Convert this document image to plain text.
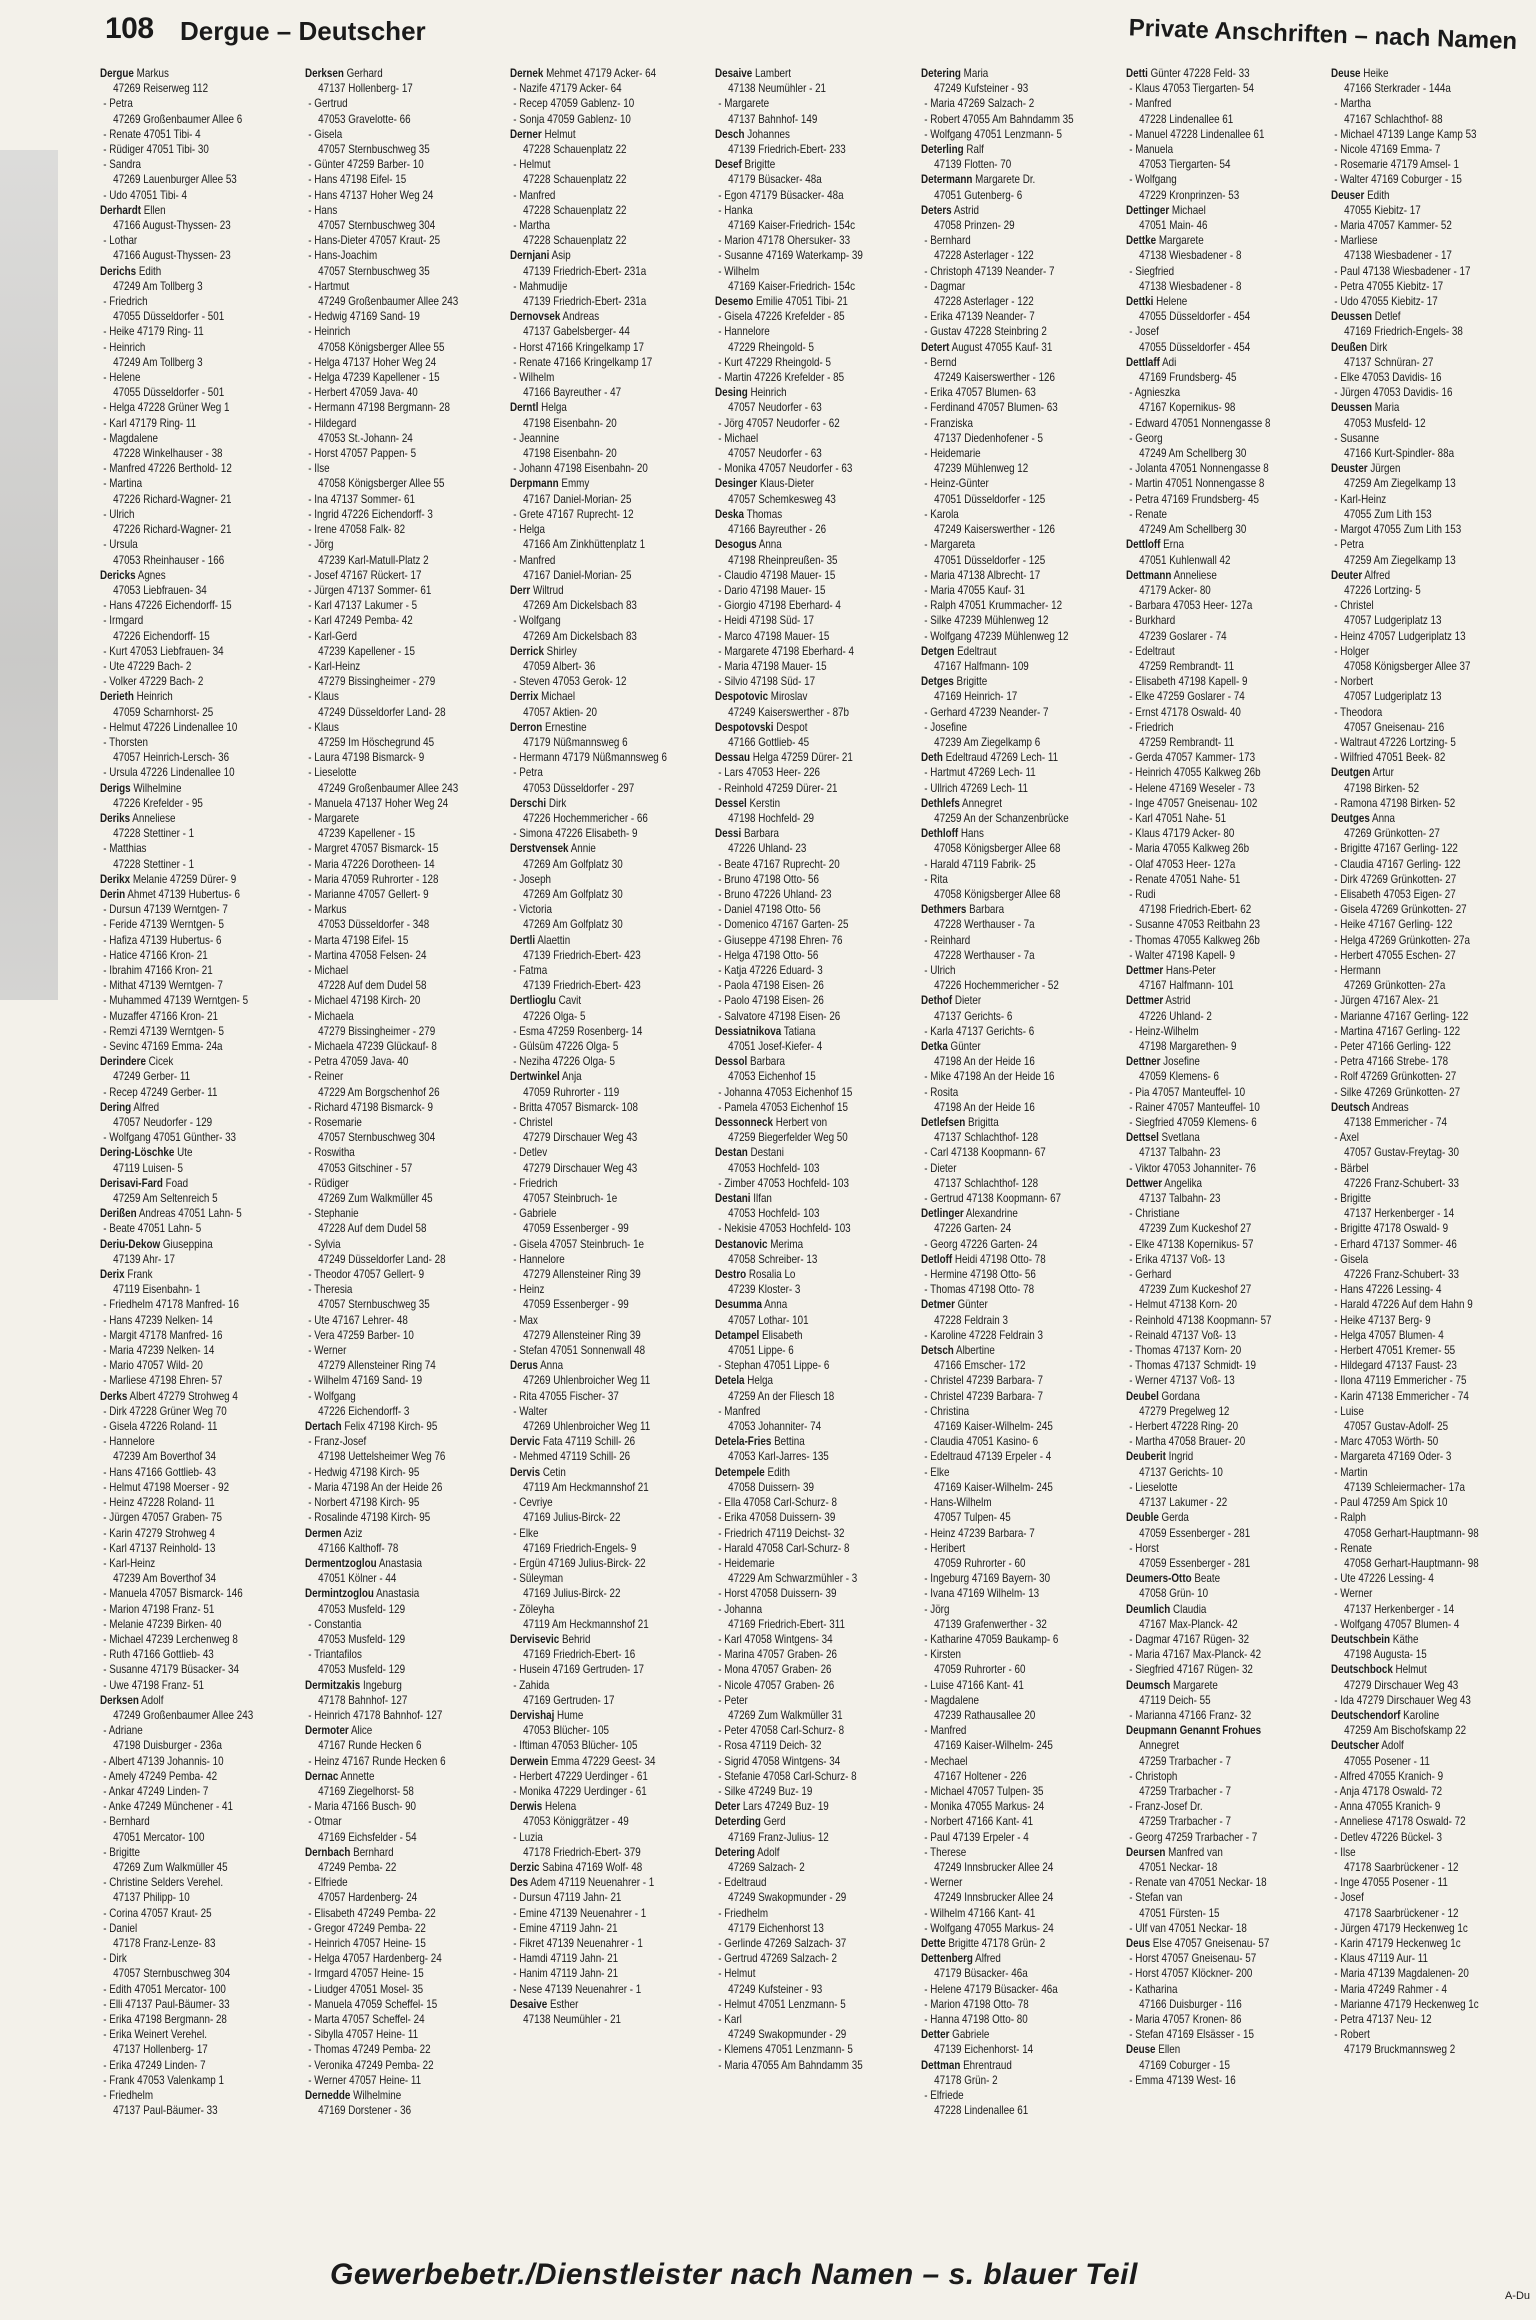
108 Dergue – Deutscher	Private Anschriften – nach Namen
Dergue Markus
47269 Reiserweg 112
- Petra
47269 Großenbaumer Allee 6
- Renate 47051 Tibi- 4
- Rüdiger 47051 Tibi- 30
- Sandra
47269 Lauenburger Allee 53
- Udo 47051 Tibi- 4
Derhardt Ellen
47166 August-Thyssen- 23
- Lothar
47166 August-Thyssen- 23
Derichs Edith
47249 Am Tollberg 3
- Friedrich
47055 Düsseldorfer - 501
- Heike 47179 Ring- 11
- Heinrich
47249 Am Tollberg 3
- Helene
47055 Düsseldorfer - 501
- Helga 47228 Grüner Weg 1
- Karl 47179 Ring- 11
- Magdalene
47228 Winkelhauser - 38
- Manfred 47226 Berthold- 12
- Martina
47226 Richard-Wagner- 21
- Ulrich
47226 Richard-Wagner- 21
- Ursula
47053 Rheinhauser - 166
Dericks Agnes
47053 Liebfrauen- 34
- Hans 47226 Eichendorff- 15
- Irmgard
47226 Eichendorff- 15
- Kurt 47053 Liebfrauen- 34
- Ute 47229 Bach- 2
- Volker 47229 Bach- 2
Derieth Heinrich
47059 Scharnhorst- 25
- Helmut 47226 Lindenallee 10
- Thorsten
47057 Heinrich-Lersch- 36
- Ursula 47226 Lindenallee 10
Derigs Wilhelmine
47226 Krefelder - 95
Deriks Anneliese
47228 Stettiner - 1
- Matthias
47228 Stettiner - 1
Derikx Melanie 47259 Dürer- 9
Derin Ahmet 47139 Hubertus- 6
- Dursun 47139 Werntgen- 7
- Feride 47139 Werntgen- 5
- Hafiza 47139 Hubertus- 6
- Hatice 47166 Kron- 21
- Ibrahim 47166 Kron- 21
- Mithat 47139 Werntgen- 7
- Muhammed 47139 Werntgen- 5
- Muzaffer 47166 Kron- 21
- Remzi 47139 Werntgen- 5
- Sevinc 47169 Emma- 24a
Derindere Cicek
47249 Gerber- 11
- Recep 47249 Gerber- 11
Dering Alfred
47057 Neudorfer - 129
- Wolfgang 47051 Günther- 33
Dering-Löschke Ute
47119 Luisen- 5
Derisavi-Fard Foad
47259 Am Seltenreich 5
Derißen Andreas 47051 Lahn- 5
- Beate 47051 Lahn- 5
Deriu-Dekow Giuseppina
47139 Ahr- 17
Derix Frank
47119 Eisenbahn- 1
- Friedhelm 47178 Manfred- 16
- Hans 47239 Nelken- 14
- Margit 47178 Manfred- 16
- Maria 47239 Nelken- 14
- Mario 47057 Wild- 20
- Marliese 47198 Ehren- 57
Derks Albert 47279 Strohweg 4
- Dirk 47228 Grüner Weg 70
- Gisela 47226 Roland- 11
- Hannelore
47239 Am Boverthof 34
- Hans 47166 Gottlieb- 43
- Helmut 47198 Moerser - 92
- Heinz 47228 Roland- 11
- Jürgen 47057 Graben- 75
- Karin 47279 Strohweg 4
- Karl 47137 Reinhold- 13
- Karl-Heinz
47239 Am Boverthof 34
- Manuela 47057 Bismarck- 146
- Marion 47198 Franz- 51
- Melanie 47239 Birken- 40
- Michael 47239 Lerchenweg 8
- Ruth 47166 Gottlieb- 43
- Susanne 47179 Büsacker- 34
- Uwe 47198 Franz- 51
Derksen Adolf
47249 Großenbaumer Allee 243
- Adriane
47198 Duisburger - 236a
- Albert 47139 Johannis- 10
- Amely 47249 Pemba- 42
- Ankar 47249 Linden- 7
- Anke 47249 Münchener - 41
- Bernhard
47051 Mercator- 100
- Brigitte
47269 Zum Walkmüller 45
- Christine Selders Verehel.
47137 Philipp- 10
- Corina 47057 Kraut- 25
- Daniel
47178 Franz-Lenze- 83
- Dirk
47057 Sternbuschweg 304
- Edith 47051 Mercator- 100
- Elli 47137 Paul-Bäumer- 33
- Erika 47198 Bergmann- 28
- Erika Weinert Verehel.
47137 Hollenberg- 17
- Erika 47249 Linden- 7
- Frank 47053 Valenkamp 1
- Friedhelm
47137 Paul-Bäumer- 33
Derksen Gerhard
47137 Hollenberg- 17
- Gertrud
47053 Gravelotte- 66
- Gisela
47057 Sternbuschweg 35
- Günter 47259 Barber- 10
- Hans 47198 Eifel- 15
- Hans 47137 Hoher Weg 24
- Hans
47057 Sternbuschweg 304
- Hans-Dieter 47057 Kraut- 25
- Hans-Joachim
47057 Sternbuschweg 35
- Hartmut
47249 Großenbaumer Allee 243
- Hedwig 47169 Sand- 19
- Heinrich
47058 Königsberger Allee 55
- Helga 47137 Hoher Weg 24
- Helga 47239 Kapellener - 15
- Herbert 47059 Java- 40
- Hermann 47198 Bergmann- 28
- Hildegard
47053 St.-Johann- 24
- Horst 47057 Pappen- 5
- Ilse
47058 Königsberger Allee 55
- Ina 47137 Sommer- 61
- Ingrid 47226 Eichendorff- 3
- Irene 47058 Falk- 82
- Jörg
47239 Karl-Matull-Platz 2
- Josef 47167 Rückert- 17
- Jürgen 47137 Sommer- 61
- Karl 47137 Lakumer - 5
- Karl 47249 Pemba- 42
- Karl-Gerd
47239 Kapellener - 15
- Karl-Heinz
47279 Bissingheimer - 279
- Klaus
47249 Düsseldorfer Land- 28
- Klaus
47259 Im Höschegrund 45
- Laura 47198 Bismarck- 9
- Lieselotte
47249 Großenbaumer Allee 243
- Manuela 47137 Hoher Weg 24
- Margarete
47239 Kapellener - 15
- Margret 47057 Bismarck- 15
- Maria 47226 Dorotheen- 14
- Maria 47059 Ruhrorter - 128
- Marianne 47057 Gellert- 9
- Markus
47053 Düsseldorfer - 348
- Marta 47198 Eifel- 15
- Martina 47058 Felsen- 24
- Michael
47228 Auf dem Dudel 58
- Michael 47198 Kirch- 20
- Michaela
47279 Bissingheimer - 279
- Michaela 47239 Glückauf- 8
- Petra 47059 Java- 40
- Reiner
47229 Am Borgschenhof 26
- Richard 47198 Bismarck- 9
- Rosemarie
47057 Sternbuschweg 304
- Roswitha
47053 Gitschiner - 57
- Rüdiger
47269 Zum Walkmüller 45
- Stephanie
47228 Auf dem Dudel 58
- Sylvia
47249 Düsseldorfer Land- 28
- Theodor 47057 Gellert- 9
- Theresia
47057 Sternbuschweg 35
- Ute 47167 Lehrer- 48
- Vera 47259 Barber- 10
- Werner
47279 Allensteiner Ring 74
- Wilhelm 47169 Sand- 19
- Wolfgang
47226 Eichendorff- 3
Dertach Felix 47198 Kirch- 95
- Franz-Josef
47198 Uettelsheimer Weg 76
- Hedwig 47198 Kirch- 95
- Maria 47198 An der Heide 26
- Norbert 47198 Kirch- 95
- Rosalinde 47198 Kirch- 95
Dermen Aziz
47166 Kalthoff- 78
Dermentzoglou Anastasia
47051 Kölner - 44
Dermintzoglou Anastasia
47053 Musfeld- 129
- Constantia
47053 Musfeld- 129
- Triantafilos
47053 Musfeld- 129
Dermitzakis Ingeburg
47178 Bahnhof- 127
- Heinrich 47178 Bahnhof- 127
Dermoter Alice
47167 Runde Hecken 6
- Heinz 47167 Runde Hecken 6
Dernac Annette
47169 Ziegelhorst- 58
- Maria 47166 Busch- 90
- Otmar
47169 Eichsfelder - 54
Dernbach Bernhard
47249 Pemba- 22
- Elfriede
47057 Hardenberg- 24
- Elisabeth 47249 Pemba- 22
- Gregor 47249 Pemba- 22
- Heinrich 47057 Heine- 15
- Helga 47057 Hardenberg- 24
- Irmgard 47057 Heine- 15
- Liudger 47051 Mosel- 35
- Manuela 47059 Scheffel- 15
- Marta 47057 Scheffel- 24
- Sibylla 47057 Heine- 11
- Thomas 47249 Pemba- 22
- Veronika 47249 Pemba- 22
- Werner 47057 Heine- 11
Dernedde Wilhelmine
47169 Dorstener - 36
Dernek Mehmet 47179 Acker- 64
- Nazife 47179 Acker- 64
- Recep 47059 Gablenz- 10
- Sonja 47059 Gablenz- 10
Derner Helmut
47228 Schauenplatz 22
- Helmut
47228 Schauenplatz 22
- Manfred
47228 Schauenplatz 22
- Martha
47228 Schauenplatz 22
Dernjani Asip
47139 Friedrich-Ebert- 231a
- Mahmudije
47139 Friedrich-Ebert- 231a
Dernovsek Andreas
47137 Gabelsberger- 44
- Horst 47166 Kringelkamp 17
- Renate 47166 Kringelkamp 17
- Wilhelm
47166 Bayreuther - 47
Derntl Helga
47198 Eisenbahn- 20
- Jeannine
47198 Eisenbahn- 20
- Johann 47198 Eisenbahn- 20
Derpmann Emmy
47167 Daniel-Morian- 25
- Grete 47167 Ruprecht- 12
- Helga
47166 Am Zinkhüttenplatz 1
- Manfred
47167 Daniel-Morian- 25
Derr Wiltrud
47269 Am Dickelsbach 83
- Wolfgang
47269 Am Dickelsbach 83
Derrick Shirley
47059 Albert- 36
- Steven 47053 Gerok- 12
Derrix Michael
47057 Aktien- 20
Derron Ernestine
47179 Nüßmannsweg 6
- Hermann 47179 Nüßmannsweg 6
- Petra
47053 Düsseldorfer - 297
Derschi Dirk
47226 Hochemmericher - 66
- Simona 47226 Elisabeth- 9
Derstvensek Annie
47269 Am Golfplatz 30
- Joseph
47269 Am Golfplatz 30
- Victoria
47269 Am Golfplatz 30
Dertli Alaettin
47139 Friedrich-Ebert- 423
- Fatma
47139 Friedrich-Ebert- 423
Dertlioglu Cavit
47226 Olga- 5
- Esma 47259 Rosenberg- 14
- Gülsüm 47226 Olga- 5
- Neziha 47226 Olga- 5
Dertwinkel Anja
47059 Ruhrorter - 119
- Britta 47057 Bismarck- 108
- Christel
47279 Dirschauer Weg 43
- Detlev
47279 Dirschauer Weg 43
- Friedrich
47057 Steinbruch- 1e
- Gabriele
47059 Essenberger - 99
- Gisela 47057 Steinbruch- 1e
- Hannelore
47279 Allensteiner Ring 39
- Heinz
47059 Essenberger - 99
- Max
47279 Allensteiner Ring 39
- Stefan 47051 Sonnenwall 48
Derus Anna
47269 Uhlenbroicher Weg 11
- Rita 47055 Fischer- 37
- Walter
47269 Uhlenbroicher Weg 11
Dervic Fata 47119 Schill- 26
- Mehmed 47119 Schill- 26
Dervis Cetin
47119 Am Heckmannshof 21
- Cevriye
47169 Julius-Birck- 22
- Elke
47169 Friedrich-Engels- 9
- Ergün 47169 Julius-Birck- 22
- Süleyman
47169 Julius-Birck- 22
- Zöleyha
47119 Am Heckmannshof 21
Dervisevic Behrid
47169 Friedrich-Ebert- 16
- Husein 47169 Gertruden- 17
- Zahida
47169 Gertruden- 17
Dervishaj Hume
47053 Blücher- 105
- Iftiman 47053 Blücher- 105
Derwein Emma 47229 Geest- 34
- Herbert 47229 Uerdinger - 61
- Monika 47229 Uerdinger - 61
Derwis Helena
47053 Königgrätzer - 49
- Luzia
47178 Friedrich-Ebert- 379
Derzic Sabina 47169 Wolf- 48
Des Adem 47119 Neuenahrer - 1
- Dursun 47119 Jahn- 21
- Emine 47139 Neuenahrer - 1
- Emine 47119 Jahn- 21
- Fikret 47139 Neuenahrer - 1
- Hamdi 47119 Jahn- 21
- Hanim 47119 Jahn- 21
- Nese 47139 Neuenahrer - 1
Desaive Esther
47138 Neumühler - 21
Desaive Lambert
47138 Neumühler - 21
- Margarete
47137 Bahnhof- 149
Desch Johannes
47139 Friedrich-Ebert- 233
Desef Brigitte
47179 Büsacker- 48a
- Egon 47179 Büsacker- 48a
- Hanka
47169 Kaiser-Friedrich- 154c
- Marion 47178 Ohersuker- 33
- Susanne 47169 Waterkamp- 39
- Wilhelm
47169 Kaiser-Friedrich- 154c
Desemo Emilie 47051 Tibi- 21
- Gisela 47226 Krefelder - 85
- Hannelore
47229 Rheingold- 5
- Kurt 47229 Rheingold- 5
- Martin 47226 Krefelder - 85
Desing Heinrich
47057 Neudorfer - 63
- Jörg 47057 Neudorfer - 62
- Michael
47057 Neudorfer - 63
- Monika 47057 Neudorfer - 63
Desinger Klaus-Dieter
47057 Schemkesweg 43
Deska Thomas
47166 Bayreuther - 26
Desogus Anna
47198 Rheinpreußen- 35
- Claudio 47198 Mauer- 15
- Dario 47198 Mauer- 15
- Giorgio 47198 Eberhard- 4
- Heidi 47198 Süd- 17
- Marco 47198 Mauer- 15
- Margarete 47198 Eberhard- 4
- Maria 47198 Mauer- 15
- Silvio 47198 Süd- 17
Despotovic Miroslav
47249 Kaiserswerther - 87b
Despotovski Despot
47166 Gottlieb- 45
Dessau Helga 47259 Dürer- 21
- Lars 47053 Heer- 226
- Reinhold 47259 Dürer- 21
Dessel Kerstin
47198 Hochfeld- 29
Dessi Barbara
47226 Uhland- 23
- Beate 47167 Ruprecht- 20
- Bruno 47198 Otto- 56
- Bruno 47226 Uhland- 23
- Daniel 47198 Otto- 56
- Domenico 47167 Garten- 25
- Giuseppe 47198 Ehren- 76
- Helga 47198 Otto- 56
- Katja 47226 Eduard- 3
- Paola 47198 Eisen- 26
- Paolo 47198 Eisen- 26
- Salvatore 47198 Eisen- 26
Dessiatnikova Tatiana
47051 Josef-Kiefer- 4
Dessol Barbara
47053 Eichenhof 15
- Johanna 47053 Eichenhof 15
- Pamela 47053 Eichenhof 15
Dessonneck Herbert von
47259 Biegerfelder Weg 50
Destan Destani
47053 Hochfeld- 103
- Zimber 47053 Hochfeld- 103
Destani Ilfan
47053 Hochfeld- 103
- Nekisie 47053 Hochfeld- 103
Destanovic Merima
47058 Schreiber- 13
Destro Rosalia Lo
47239 Kloster- 3
Desumma Anna
47057 Lothar- 101
Detampel Elisabeth
47051 Lippe- 6
- Stephan 47051 Lippe- 6
Detela Helga
47259 An der Fliesch 18
- Manfred
47053 Johanniter- 74
Detela-Fries Bettina
47053 Karl-Jarres- 135
Detempele Edith
47058 Duissern- 39
- Ella 47058 Carl-Schurz- 8
- Erika 47058 Duissern- 39
- Friedrich 47119 Deichst- 32
- Harald 47058 Carl-Schurz- 8
- Heidemarie
47229 Am Schwarzmühler - 3
- Horst 47058 Duissern- 39
- Johanna
47169 Friedrich-Ebert- 311
- Karl 47058 Wintgens- 34
- Marina 47057 Graben- 26
- Mona 47057 Graben- 26
- Nicole 47057 Graben- 26
- Peter
47269 Zum Walkmüller 31
- Peter 47058 Carl-Schurz- 8
- Rosa 47119 Deich- 32
- Sigrid 47058 Wintgens- 34
- Stefanie 47058 Carl-Schurz- 8
- Silke 47249 Buz- 19
Deter Lars 47249 Buz- 19
Deterding Gerd
47169 Franz-Julius- 12
Detering Adolf
47269 Salzach- 2
- Edeltraud
47249 Swakopmunder - 29
- Friedhelm
47179 Eichenhorst 13
- Gerlinde 47269 Salzach- 37
- Gertrud 47269 Salzach- 2
- Helmut
47249 Kufsteiner - 93
- Helmut 47051 Lenzmann- 5
- Karl
47249 Swakopmunder - 29
- Klemens 47051 Lenzmann- 5
- Maria 47055 Am Bahndamm 35
Detering Maria
47249 Kufsteiner - 93
- Maria 47269 Salzach- 2
- Robert 47055 Am Bahndamm 35
- Wolfgang 47051 Lenzmann- 5
Deterling Ralf
47139 Flotten- 70
Determann Margarete Dr.
47051 Gutenberg- 6
Deters Astrid
47058 Prinzen- 29
- Bernhard
47228 Asterlager - 122
- Christoph 47139 Neander- 7
- Dagmar
47228 Asterlager - 122
- Erika 47139 Neander- 7
- Gustav 47228 Steinbring 2
Detert August 47055 Kauf- 31
- Bernd
47249 Kaiserswerther - 126
- Erika 47057 Blumen- 63
- Ferdinand 47057 Blumen- 63
- Franziska
47137 Diedenhofener - 5
- Heidemarie
47239 Mühlenweg 12
- Heinz-Günter
47051 Düsseldorfer - 125
- Karola
47249 Kaiserswerther - 126
- Margareta
47051 Düsseldorfer - 125
- Maria 47138 Albrecht- 17
- Maria 47055 Kauf- 31
- Ralph 47051 Krummacher- 12
- Silke 47239 Mühlenweg 12
- Wolfgang 47239 Mühlenweg 12
Detgen Edeltraut
47167 Halfmann- 109
Detges Brigitte
47169 Heinrich- 17
- Gerhard 47239 Neander- 7
- Josefine
47239 Am Ziegelkamp 6
Deth Edeltraud 47269 Lech- 11
- Hartmut 47269 Lech- 11
- Ullrich 47269 Lech- 11
Dethlefs Annegret
47259 An der Schanzenbrücke
Dethloff Hans
47058 Königsberger Allee 68
- Harald 47119 Fabrik- 25
- Rita
47058 Königsberger Allee 68
Dethmers Barbara
47228 Werthauser - 7a
- Reinhard
47228 Werthauser - 7a
- Ulrich
47226 Hochemmericher - 52
Dethof Dieter
47137 Gerichts- 6
- Karla 47137 Gerichts- 6
Detka Günter
47198 An der Heide 16
- Mike 47198 An der Heide 16
- Rosita
47198 An der Heide 16
Detlefsen Brigitta
47137 Schlachthof- 128
- Carl 47138 Koopmann- 67
- Dieter
47137 Schlachthof- 128
- Gertrud 47138 Koopmann- 67
Detlinger Alexandrine
47226 Garten- 24
- Georg 47226 Garten- 24
Detloff Heidi 47198 Otto- 78
- Hermine 47198 Otto- 56
- Thomas 47198 Otto- 78
Detmer Günter
47228 Feldrain 3
- Karoline 47228 Feldrain 3
Detsch Albertine
47166 Emscher- 172
- Christel 47239 Barbara- 7
- Christel 47239 Barbara- 7
- Christina
47169 Kaiser-Wilhelm- 245
- Claudia 47051 Kasino- 6
- Edeltraud 47139 Erpeler - 4
- Elke
47169 Kaiser-Wilhelm- 245
- Hans-Wilhelm
47057 Tulpen- 45
- Heinz 47239 Barbara- 7
- Heribert
47059 Ruhrorter - 60
- Ingeburg 47169 Bayern- 30
- Ivana 47169 Wilhelm- 13
- Jörg
47139 Grafenwerther - 32
- Katharine 47059 Baukamp- 6
- Kirsten
47059 Ruhrorter - 60
- Luise 47166 Kant- 41
- Magdalene
47239 Rathausallee 20
- Manfred
47169 Kaiser-Wilhelm- 245
- Mechael
47167 Holtener - 226
- Michael 47057 Tulpen- 35
- Monika 47055 Markus- 24
- Norbert 47166 Kant- 41
- Paul 47139 Erpeler - 4
- Therese
47249 Innsbrucker Allee 24
- Werner
47249 Innsbrucker Allee 24
- Wilhelm 47166 Kant- 41
- Wolfgang 47055 Markus- 24
Dette Brigitte 47178 Grün- 2
Dettenberg Alfred
47179 Büsacker- 46a
- Helene 47179 Büsacker- 46a
- Marion 47198 Otto- 78
- Hanna 47198 Otto- 80
Detter Gabriele
47139 Eichenhorst- 14
Dettman Ehrentraud
47178 Grün- 2
- Elfriede
47228 Lindenallee 61
Detti Günter 47228 Feld- 33
- Klaus 47053 Tiergarten- 54
- Manfred
47228 Lindenallee 61
- Manuel 47228 Lindenallee 61
- Manuela
47053 Tiergarten- 54
- Wolfgang
47229 Kronprinzen- 53
Dettinger Michael
47051 Main- 46
Dettke Margarete
47138 Wiesbadener - 8
- Siegfried
47138 Wiesbadener - 8
Dettki Helene
47055 Düsseldorfer - 454
- Josef
47055 Düsseldorfer - 454
Dettlaff Adi
47169 Frundsberg- 45
- Agnieszka
47167 Kopernikus- 98
- Edward 47051 Nonnengasse 8
- Georg
47249 Am Schellberg 30
- Jolanta 47051 Nonnengasse 8
- Martin 47051 Nonnengasse 8
- Petra 47169 Frundsberg- 45
- Renate
47249 Am Schellberg 30
Dettloff Erna
47051 Kuhlenwall 42
Dettmann Anneliese
47179 Acker- 80
- Barbara 47053 Heer- 127a
- Burkhard
47239 Goslarer - 74
- Edeltraut
47259 Rembrandt- 11
- Elisabeth 47198 Kapell- 9
- Elke 47259 Goslarer - 74
- Ernst 47178 Oswald- 40
- Friedrich
47259 Rembrandt- 11
- Gerda 47057 Kammer- 173
- Heinrich 47055 Kalkweg 26b
- Helene 47169 Weseler - 73
- Inge 47057 Gneisenau- 102
- Karl 47051 Nahe- 51
- Klaus 47179 Acker- 80
- Maria 47055 Kalkweg 26b
- Olaf 47053 Heer- 127a
- Renate 47051 Nahe- 51
- Rudi
47198 Friedrich-Ebert- 62
- Susanne 47053 Reitbahn 23
- Thomas 47055 Kalkweg 26b
- Walter 47198 Kapell- 9
Dettmer Hans-Peter
47167 Halfmann- 101
Dettmer Astrid
47226 Uhland- 2
- Heinz-Wilhelm
47198 Margarethen- 9
Dettner Josefine
47059 Klemens- 6
- Pia 47057 Manteuffel- 10
- Rainer 47057 Manteuffel- 10
- Siegfried 47059 Klemens- 6
Dettsel Svetlana
47137 Talbahn- 23
- Viktor 47053 Johanniter- 76
Dettwer Angelika
47137 Talbahn- 23
- Christiane
47239 Zum Kuckeshof 27
- Elke 47138 Kopernikus- 57
- Erika 47137 Voß- 13
- Gerhard
47239 Zum Kuckeshof 27
- Helmut 47138 Korn- 20
- Reinhold 47138 Koopmann- 57
- Reinald 47137 Voß- 13
- Thomas 47137 Korn- 20
- Thomas 47137 Schmidt- 19
- Werner 47137 Voß- 13
Deubel Gordana
47279 Pregelweg 12
- Herbert 47228 Ring- 20
- Martha 47058 Brauer- 20
Deuberit Ingrid
47137 Gerichts- 10
- Lieselotte
47137 Lakumer - 22
Deuble Gerda
47059 Essenberger - 281
- Horst
47059 Essenberger - 281
Deumers-Otto Beate
47058 Grün- 10
Deumlich Claudia
47167 Max-Planck- 42
- Dagmar 47167 Rügen- 32
- Maria 47167 Max-Planck- 42
- Siegfried 47167 Rügen- 32
Deumsch Margarete
47119 Deich- 55
- Marianna 47166 Franz- 32
Deupmann Genannt Frohues
Annegret
47259 Trarbacher - 7
- Christoph
47259 Trarbacher - 7
- Franz-Josef Dr.
47259 Trarbacher - 7
- Georg 47259 Trarbacher - 7
Deursen Manfred van
47051 Neckar- 18
- Renate van 47051 Neckar- 18
- Stefan van
47051 Fürsten- 15
- Ulf van 47051 Neckar- 18
Deus Else 47057 Gneisenau- 57
- Horst 47057 Gneisenau- 57
- Horst 47057 Klöckner- 200
- Katharina
47166 Duisburger - 116
- Maria 47057 Kronen- 86
- Stefan 47169 Elsässer - 15
Deuse Ellen
47169 Coburger - 15
- Emma 47139 West- 16
Deuse Heike
47166 Sterkrader - 144a
- Martha
47167 Schlachthof- 88
- Michael 47139 Lange Kamp 53
- Nicole 47169 Emma- 7
- Rosemarie 47179 Amsel- 1
- Walter 47169 Coburger - 15
Deuser Edith
47055 Kiebitz- 17
- Maria 47057 Kammer- 52
- Marliese
47138 Wiesbadener - 17
- Paul 47138 Wiesbadener - 17
- Petra 47055 Kiebitz- 17
- Udo 47055 Kiebitz- 17
Deussen Detlef
47169 Friedrich-Engels- 38
Deußen Dirk
47137 Schnüran- 27
- Elke 47053 Davidis- 16
- Jürgen 47053 Davidis- 16
Deussen Maria
47053 Musfeld- 12
- Susanne
47166 Kurt-Spindler- 88a
Deuster Jürgen
47259 Am Ziegelkamp 13
- Karl-Heinz
47055 Zum Lith 153
- Margot 47055 Zum Lith 153
- Petra
47259 Am Ziegelkamp 13
Deuter Alfred
47226 Lortzing- 5
- Christel
47057 Ludgeriplatz 13
- Heinz 47057 Ludgeriplatz 13
- Holger
47058 Königsberger Allee 37
- Norbert
47057 Ludgeriplatz 13
- Theodora
47057 Gneisenau- 216
- Waltraut 47226 Lortzing- 5
- Wilfried 47051 Beek- 82
Deutgen Artur
47198 Birken- 52
- Ramona 47198 Birken- 52
Deutges Anna
47269 Grünkotten- 27
- Brigitte 47167 Gerling- 122
- Claudia 47167 Gerling- 122
- Dirk 47269 Grünkotten- 27
- Elisabeth 47053 Eigen- 27
- Gisela 47269 Grünkotten- 27
- Heike 47167 Gerling- 122
- Helga 47269 Grünkotten- 27a
- Herbert 47055 Eschen- 27
- Hermann
47269 Grünkotten- 27a
- Jürgen 47167 Alex- 21
- Marianne 47167 Gerling- 122
- Martina 47167 Gerling- 122
- Peter 47166 Gerling- 122
- Petra 47166 Strebe- 178
- Rolf 47269 Grünkotten- 27
- Silke 47269 Grünkotten- 27
Deutsch Andreas
47138 Emmericher - 74
- Axel
47057 Gustav-Freytag- 30
- Bärbel
47226 Franz-Schubert- 33
- Brigitte
47137 Herkenberger - 14
- Brigitte 47178 Oswald- 9
- Erhard 47137 Sommer- 46
- Gisela
47226 Franz-Schubert- 33
- Hans 47226 Lessing- 4
- Harald 47226 Auf dem Hahn 9
- Heike 47137 Berg- 9
- Helga 47057 Blumen- 4
- Herbert 47051 Kremer- 55
- Hildegard 47137 Faust- 23
- Ilona 47119 Emmericher - 75
- Karin 47138 Emmericher - 74
- Luise
47057 Gustav-Adolf- 25
- Marc 47053 Wörth- 50
- Margareta 47169 Oder- 3
- Martin
47139 Schleiermacher- 17a
- Paul 47259 Am Spick 10
- Ralph
47058 Gerhart-Hauptmann- 98
- Renate
47058 Gerhart-Hauptmann- 98
- Ute 47226 Lessing- 4
- Werner
47137 Herkenberger - 14
- Wolfgang 47057 Blumen- 4
Deutschbein Käthe
47198 Augusta- 15
Deutschbock Helmut
47279 Dirschauer Weg 43
- Ida 47279 Dirschauer Weg 43
Deutschendorf Karoline
47259 Am Bischofskamp 22
Deutscher Adolf
47055 Posener - 11
- Alfred 47055 Kranich- 9
- Anja 47178 Oswald- 72
- Anna 47055 Kranich- 9
- Anneliese 47178 Oswald- 72
- Detlev 47226 Bückel- 3
- Ilse
47178 Saarbrückener - 12
- Inge 47055 Posener - 11
- Josef
47178 Saarbrückener - 12
- Jürgen 47179 Heckenweg 1c
- Karin 47179 Heckenweg 1c
- Klaus 47119 Aur- 11
- Maria 47139 Magdalenen- 20
- Maria 47249 Rahmer - 4
- Marianne 47179 Heckenweg 1c
- Petra 47137 Neu- 12
- Robert
47179 Bruckmannsweg 2
Gewerbebetr./Dienstleister nach Namen – s. blauer Teil
A-Du
